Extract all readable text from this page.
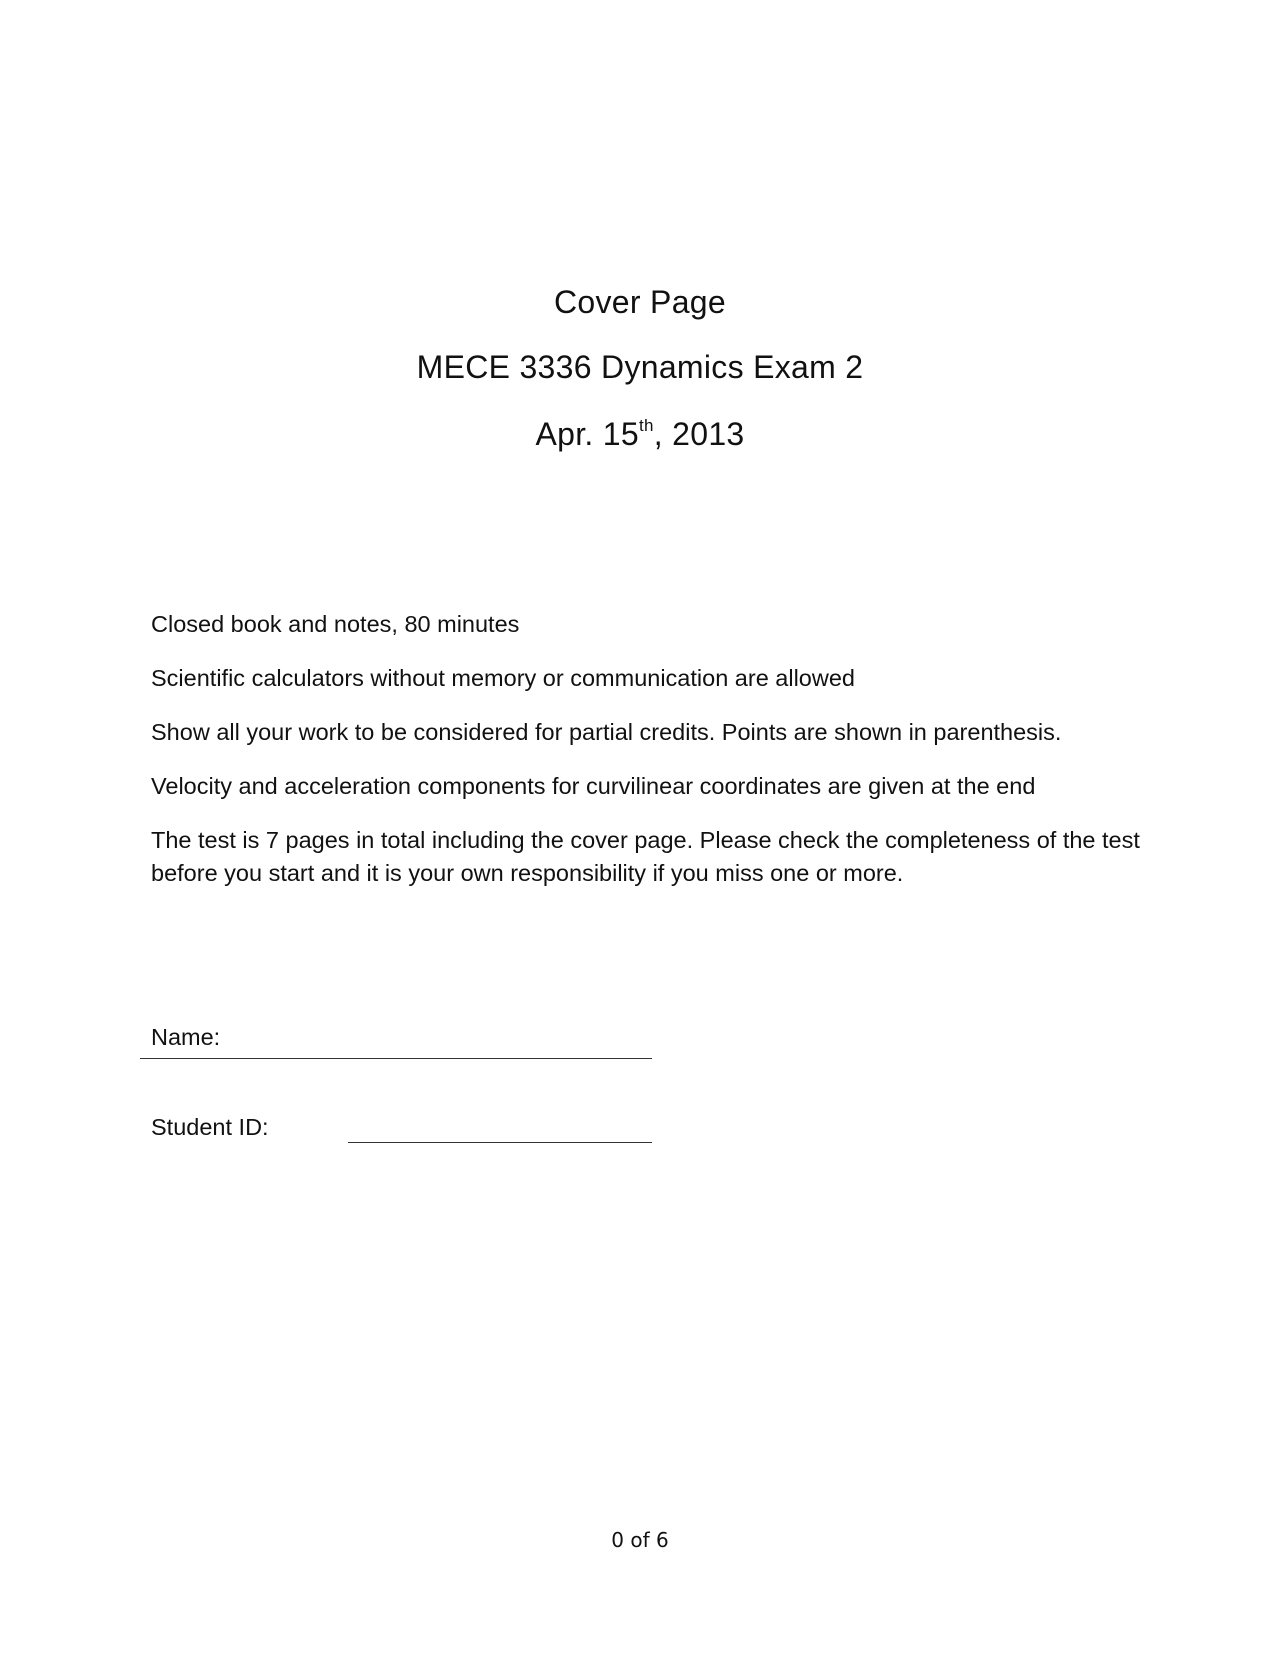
Cover Page
MECE 3336 Dynamics Exam 2
Apr. 15th, 2013

Closed book and notes, 80 minutes

Scientific calculators without memory or communication are allowed

Show all your work to be considered for partial credits. Points are shown in parenthesis.

Velocity and acceleration components for curvilinear coordinates are given at the end

The test is 7 pages in total including the cover page. Please check the completeness of the test before you start and it is your own responsibility if you miss one or more.

Name:
Student ID:
0 of 6
